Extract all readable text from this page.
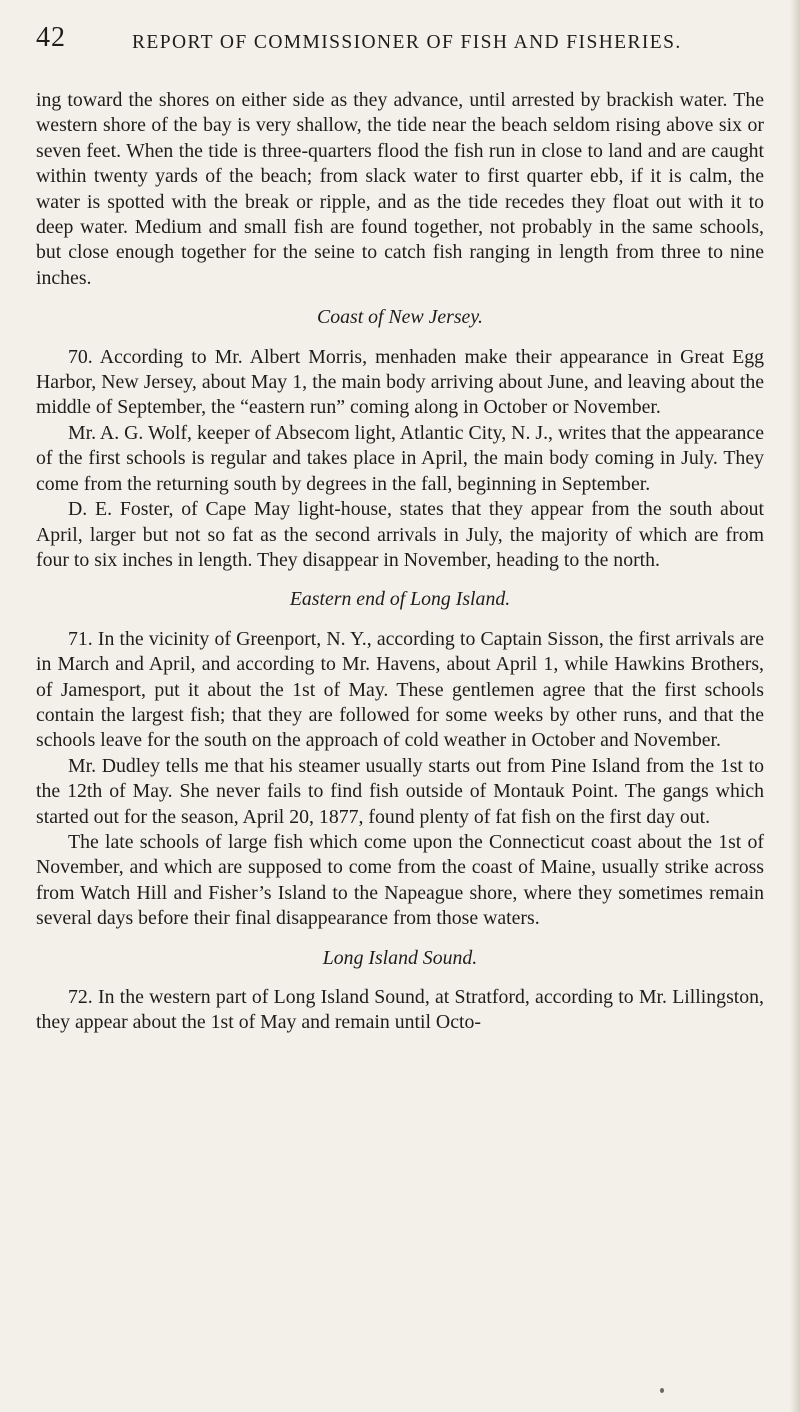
42	REPORT OF COMMISSIONER OF FISH AND FISHERIES.

ing toward the shores on either side as they advance, until arrested by brackish water. The western shore of the bay is very shallow, the tide near the beach seldom rising above six or seven feet. When the tide is three-quarters flood the fish run in close to land and are caught within twenty yards of the beach; from slack water to first quarter ebb, if it is calm, the water is spotted with the break or ripple, and as the tide recedes they float out with it to deep water. Medium and small fish are found together, not probably in the same schools, but close enough together for the seine to catch fish ranging in length from three to nine inches.

Coast of New Jersey.

70. According to Mr. Albert Morris, menhaden make their appearance in Great Egg Harbor, New Jersey, about May 1, the main body arriving about June, and leaving about the middle of September, the “eastern run” coming along in October or November.

Mr. A. G. Wolf, keeper of Absecom light, Atlantic City, N. J., writes that the appearance of the first schools is regular and takes place in April, the main body coming in July. They come from the returning south by degrees in the fall, beginning in September.

D. E. Foster, of Cape May light-house, states that they appear from the south about April, larger but not so fat as the second arrivals in July, the majority of which are from four to six inches in length. They disappear in November, heading to the north.

Eastern end of Long Island.

71. In the vicinity of Greenport, N. Y., according to Captain Sisson, the first arrivals are in March and April, and according to Mr. Havens, about April 1, while Hawkins Brothers, of Jamesport, put it about the 1st of May. These gentlemen agree that the first schools contain the largest fish; that they are followed for some weeks by other runs, and that the schools leave for the south on the approach of cold weather in October and November.

Mr. Dudley tells me that his steamer usually starts out from Pine Island from the 1st to the 12th of May. She never fails to find fish outside of Montauk Point. The gangs which started out for the season, April 20, 1877, found plenty of fat fish on the first day out.

The late schools of large fish which come upon the Connecticut coast about the 1st of November, and which are supposed to come from the coast of Maine, usually strike across from Watch Hill and Fisher’s Island to the Napeague shore, where they sometimes remain several days before their final disappearance from those waters.

Long Island Sound.

72. In the western part of Long Island Sound, at Stratford, according to Mr. Lillingston, they appear about the 1st of May and remain until Octo-
